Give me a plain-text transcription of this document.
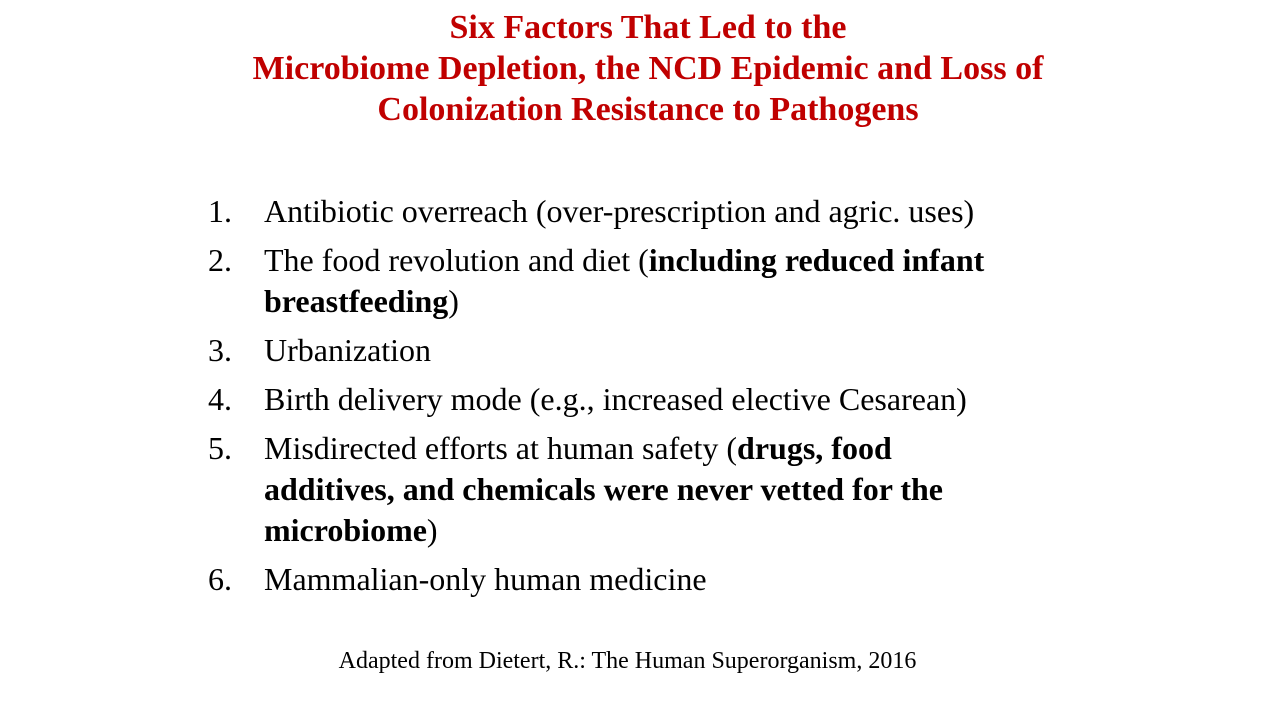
Six Factors That Led to the
Microbiome Depletion, the NCD Epidemic and Loss of
Colonization Resistance to Pathogens
1. Antibiotic overreach (over-prescription and agric. uses)
2. The food revolution and diet (including reduced infant
breastfeeding)
3. Urbanization
4. Birth delivery mode (e.g., increased elective Cesarean)
5. Misdirected efforts at human safety (drugs, food
additives, and chemicals were never vetted for the
microbiome)
6. Mammalian-only human medicine
Adapted from Dietert, R.: The Human Superorganism, 2016
